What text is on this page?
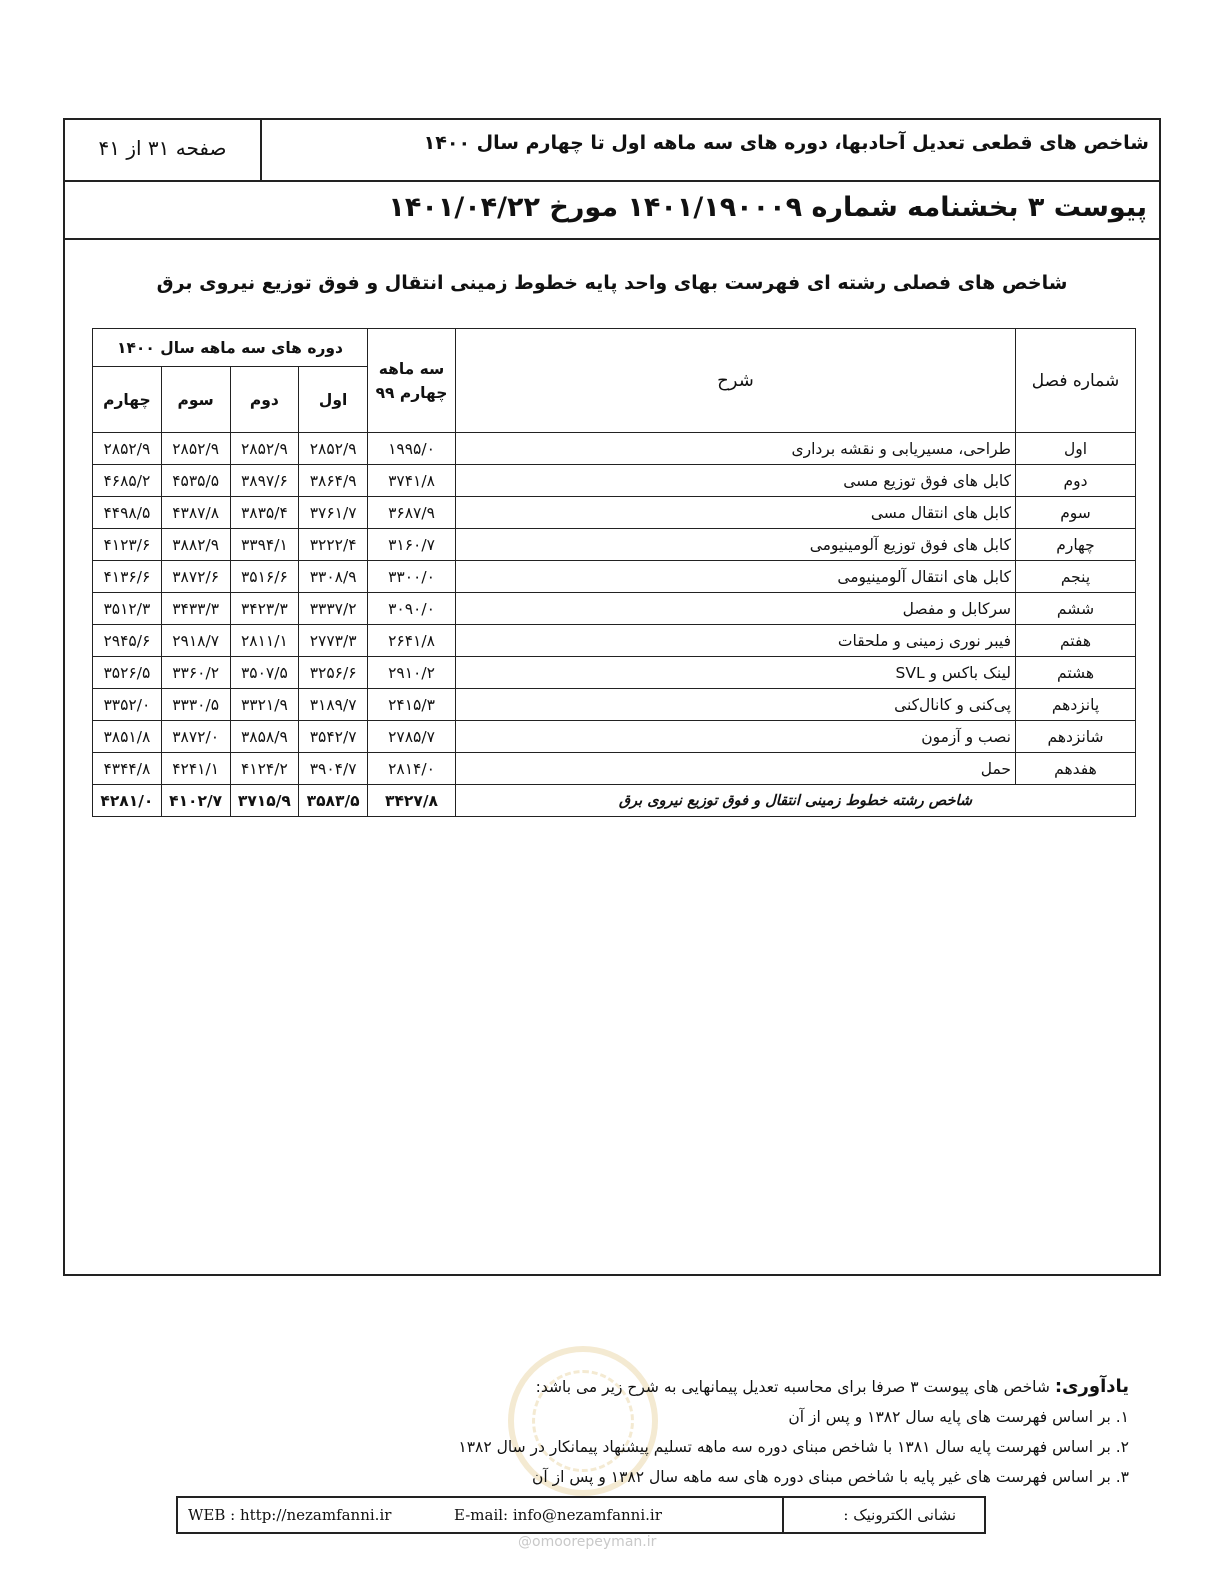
شاخص های قطعی تعدیل آحادبها، دوره های سه ماهه اول تا چهارم سال ۱۴۰۰
صفحه ۳۱ از ۴۱
پیوست ۳ بخشنامه شماره ۱۴۰۱/۱۹۰۰۰۹ مورخ ۱۴۰۱/۰۴/۲۲
شاخص های فصلی رشته ای فهرست بهای واحد پایه خطوط زمینی انتقال و فوق توزیع نیروی برق
شماره فصل	شرح	سه ماهه چهارم ۹۹	دوره های سه ماهه سال ۱۴۰۰			
			اول	دوم	سوم	چهارم
اول	طراحی، مسیریابی و نقشه برداری	۱۹۹۵/۰	۲۸۵۲/۹	۲۸۵۲/۹	۲۸۵۲/۹	۲۸۵۲/۹
دوم	کابل های فوق توزیع مسی	۳۷۴۱/۸	۳۸۶۴/۹	۳۸۹۷/۶	۴۵۳۵/۵	۴۶۸۵/۲
سوم	کابل های انتقال مسی	۳۶۸۷/۹	۳۷۶۱/۷	۳۸۳۵/۴	۴۳۸۷/۸	۴۴۹۸/۵
چهارم	کابل های فوق توزیع آلومینیومی	۳۱۶۰/۷	۳۲۲۲/۴	۳۳۹۴/۱	۳۸۸۲/۹	۴۱۲۳/۶
پنجم	کابل های انتقال آلومینیومی	۳۳۰۰/۰	۳۳۰۸/۹	۳۵۱۶/۶	۳۸۷۲/۶	۴۱۳۶/۶
ششم	سرکابل و مفصل	۳۰۹۰/۰	۳۳۳۷/۲	۳۴۲۳/۳	۳۴۳۳/۳	۳۵۱۲/۳
هفتم	فیبر نوری زمینی و ملحقات	۲۶۴۱/۸	۲۷۷۳/۳	۲۸۱۱/۱	۲۹۱۸/۷	۲۹۴۵/۶
هشتم	لینک باکس و SVL	۲۹۱۰/۲	۳۲۵۶/۶	۳۵۰۷/۵	۳۳۶۰/۲	۳۵۲۶/۵
پانزدهم	پی‌کنی و کانال‌کنی	۲۴۱۵/۳	۳۱۸۹/۷	۳۳۲۱/۹	۳۳۳۰/۵	۳۳۵۲/۰
شانزدهم	نصب و آزمون	۲۷۸۵/۷	۳۵۴۲/۷	۳۸۵۸/۹	۳۸۷۲/۰	۳۸۵۱/۸
هفدهم	حمل	۲۸۱۴/۰	۳۹۰۴/۷	۴۱۲۴/۲	۴۲۴۱/۱	۴۳۴۴/۸
شاخص رشته خطوط زمینی انتقال و فوق توزیع نیروی برق		۳۴۲۷/۸	۳۵۸۳/۵	۳۷۱۵/۹	۴۱۰۲/۷	۴۲۸۱/۰
یادآوری: شاخص های پیوست ۳ صرفا برای محاسبه تعدیل پیمانهایی به شرح زیر می باشد:
۱. بر اساس فهرست های پایه سال ۱۳۸۲ و پس از آن
۲. بر اساس فهرست پایه سال ۱۳۸۱ با شاخص مبنای دوره سه ماهه تسلیم پیشنهاد پیمانکار در سال ۱۳۸۲
۳. بر اساس فهرست های غیر پایه با شاخص مبنای دوره های سه ماهه سال ۱۳۸۲ و پس از آن
نشانی الکترونیک :
E-mail: info@nezamfanni.ir
WEB : http://nezamfanni.ir
@omoorepeyman.ir
